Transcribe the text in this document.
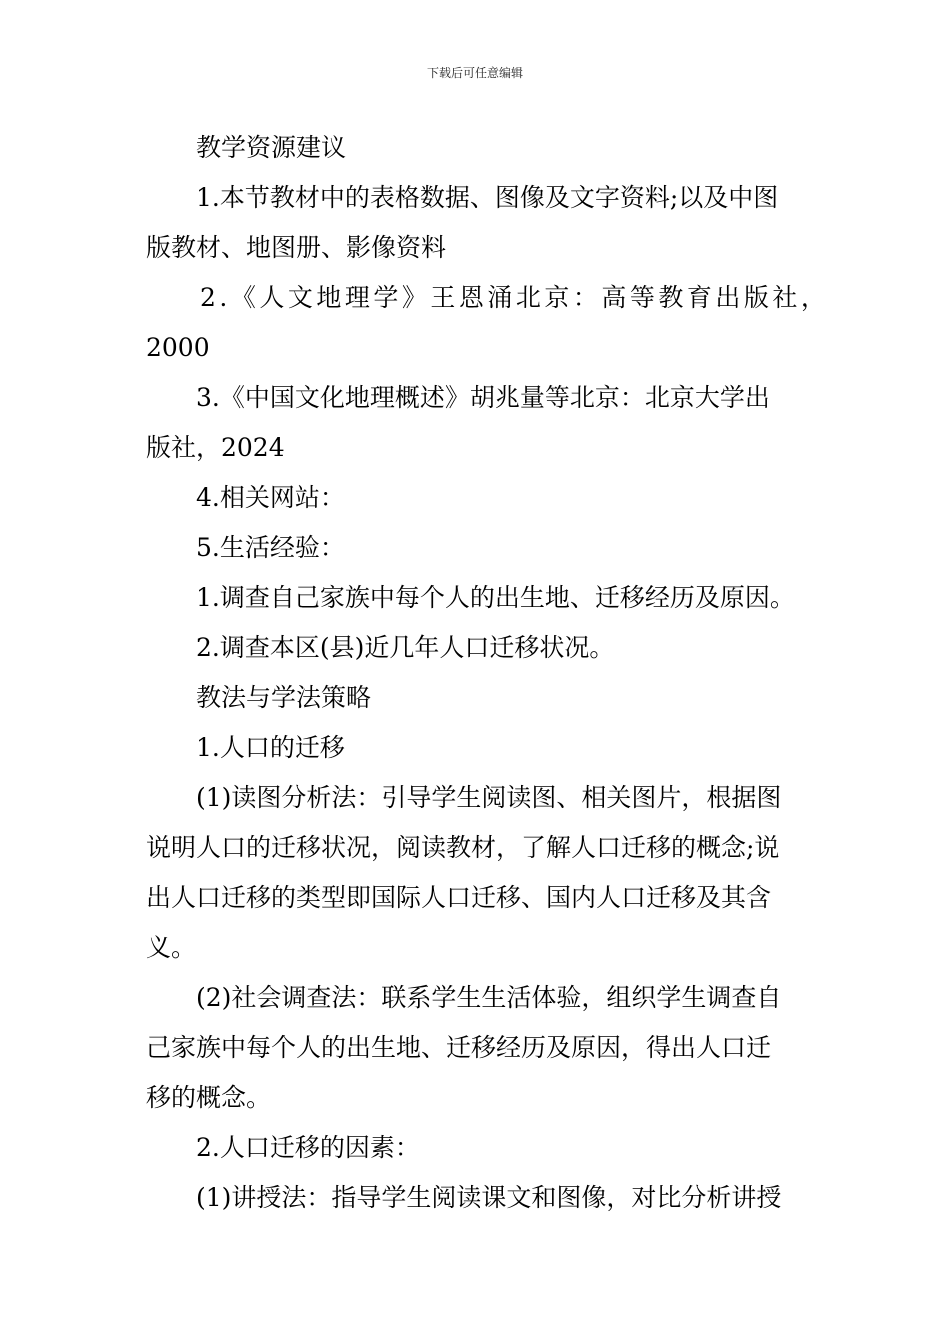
下载后可任意编辑
教学资源建议
1.本节教材中的表格数据、图像及文字资料;以及中图
版教材、地图册、影像资料
2.《人文地理学》王恩涌北京：高等教育出版社，
2000
3.《中国文化地理概述》胡兆量等北京：北京大学出
版社，2024
4.相关网站：
5.生活经验：
1.调查自己家族中每个人的出生地、迁移经历及原因。
2.调查本区(县)近几年人口迁移状况。
教法与学法策略
1.人口的迁移
(1)读图分析法：引导学生阅读图、相关图片，根据图
说明人口的迁移状况，阅读教材，了解人口迁移的概念;说
出人口迁移的类型即国际人口迁移、国内人口迁移及其含
义。
(2)社会调查法：联系学生生活体验，组织学生调查自
己家族中每个人的出生地、迁移经历及原因，得出人口迁
移的概念。
2.人口迁移的因素：
(1)讲授法：指导学生阅读课文和图像，对比分析讲授
